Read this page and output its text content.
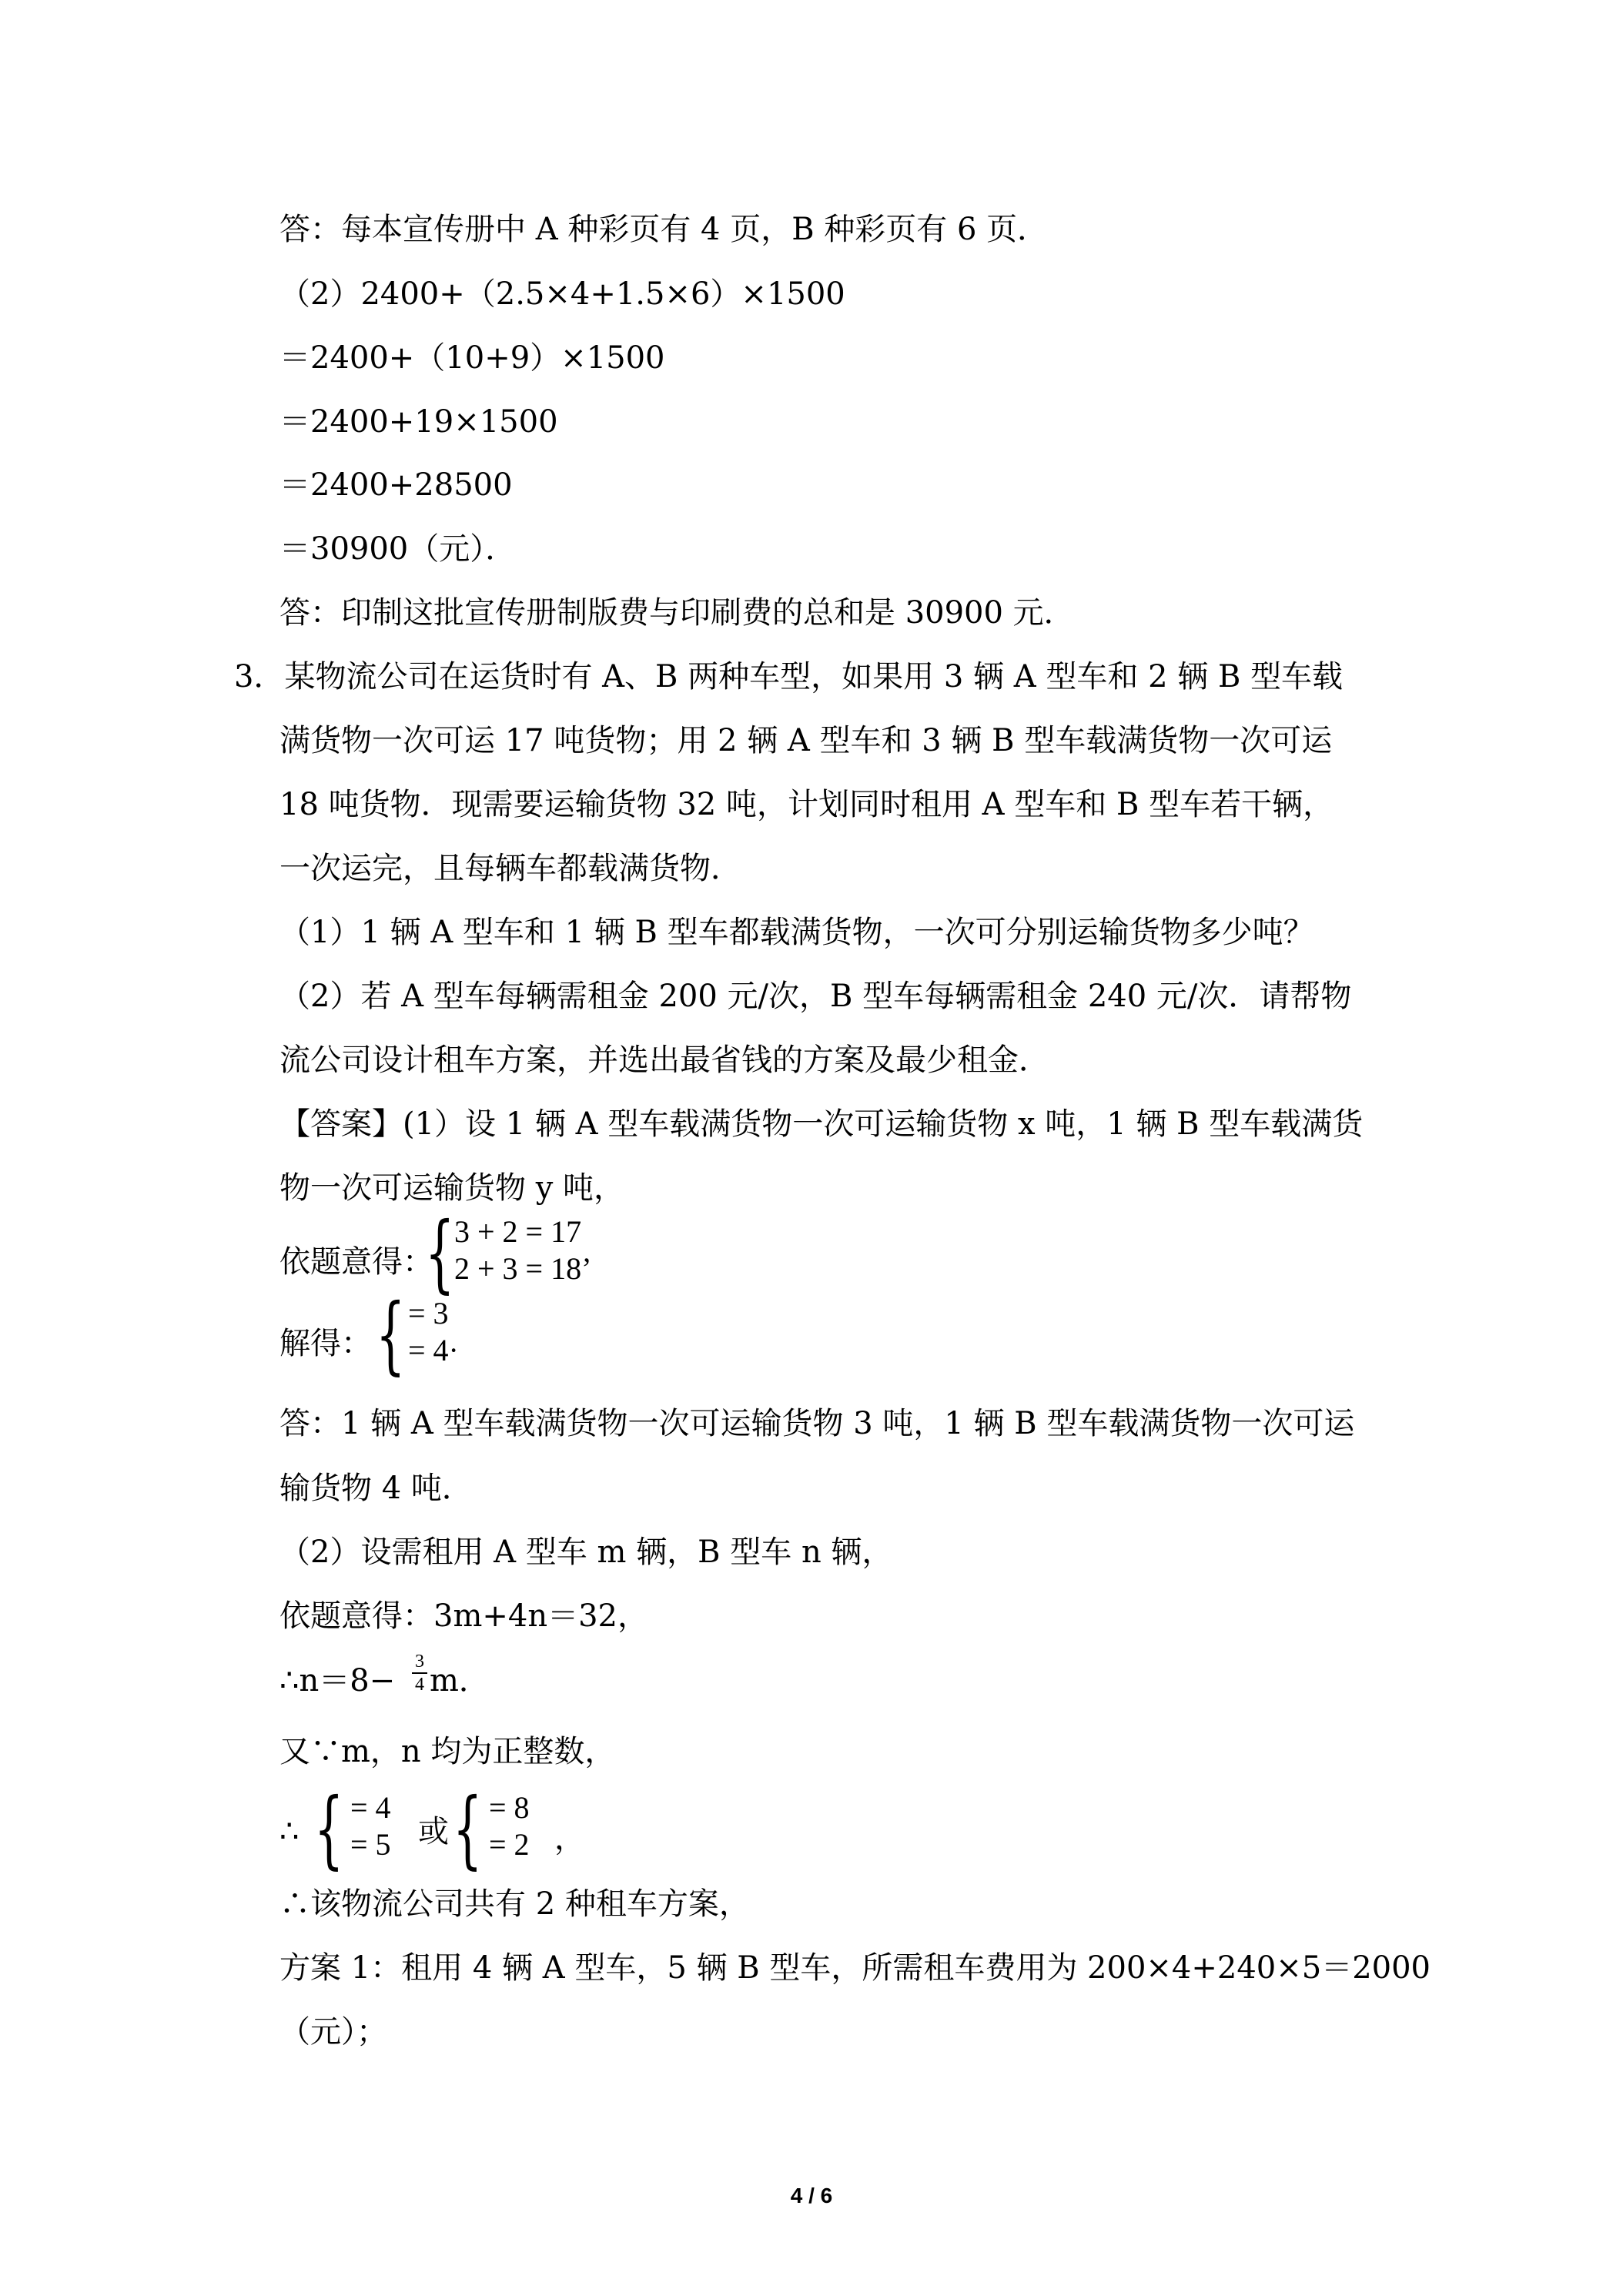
答：每本宣传册中 A 种彩页有 4 页，B 种彩页有 6 页．
（2）2400+（2.5×4+1.5×6）×1500
＝2400+（10+9）×1500
＝2400+19×1500
＝2400+28500
＝30900（元）．
答：印制这批宣传册制版费与印刷费的总和是 30900 元．
3．某物流公司在运货时有 A、B 两种车型，如果用 3 辆 A 型车和 2 辆 B 型车载
满货物一次可运 17 吨货物；用 2 辆 A 型车和 3 辆 B 型车载满货物一次可运
18 吨货物．现需要运输货物 32 吨，计划同时租用 A 型车和 B 型车若干辆，
一次运完，且每辆车都载满货物．
（1）1 辆 A 型车和 1 辆 B 型车都载满货物，一次可分别运输货物多少吨？
（2）若 A 型车每辆需租金 200 元/次，B 型车每辆需租金 240 元/次．请帮物
流公司设计租车方案，并选出最省钱的方案及最少租金．
【答案】(1）设 1 辆 A 型车载满货物一次可运输货物 x 吨，1 辆 B 型车载满货
物一次可运输货物 y 吨，
依题意得：
{ 3 + 2 = 17
2 + 3 = 18’
解得： { = 3
= 4·
答：1 辆 A 型车载满货物一次可运输货物 3 吨，1 辆 B 型车载满货物一次可运
输货物 4 吨．
（2）设需租用 A 型车 m 辆，B 型车 n 辆，
依题意得：3m+4n＝32，
∴n＝8−
3
4 m．
又∵m，n 均为正整数，
∴ { = 4
= 5 或 { = 8
= 2 ，
∴该物流公司共有 2 种租车方案，
方案 1：租用 4 辆 A 型车，5 辆 B 型车，所需租车费用为 200×4+240×5＝2000
（元）；
4 / 6
